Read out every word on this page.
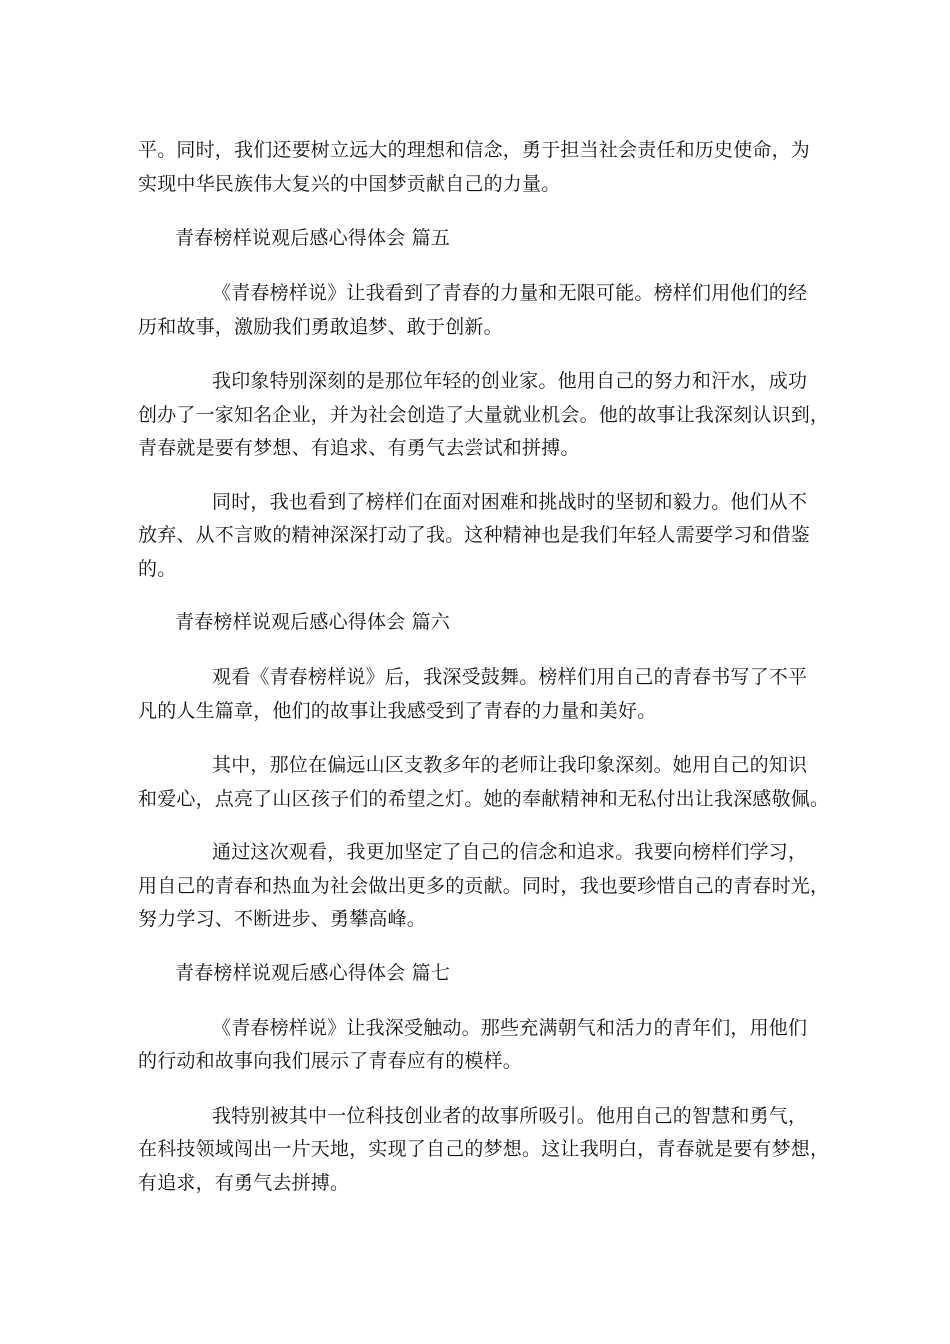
平。同时，我们还要树立远大的理想和信念，勇于担当社会责任和历史使命，为
实现中华民族伟大复兴的中国梦贡献自己的力量。
青春榜样说观后感心得体会 篇五
《青春榜样说》让我看到了青春的力量和无限可能。榜样们用他们的经
历和故事，激励我们勇敢追梦、敢于创新。
我印象特别深刻的是那位年轻的创业家。他用自己的努力和汗水，成功
创办了一家知名企业，并为社会创造了大量就业机会。他的故事让我深刻认识到，
青春就是要有梦想、有追求、有勇气去尝试和拼搏。
同时，我也看到了榜样们在面对困难和挑战时的坚韧和毅力。他们从不
放弃、从不言败的精神深深打动了我。这种精神也是我们年轻人需要学习和借鉴
的。
青春榜样说观后感心得体会 篇六
观看《青春榜样说》后，我深受鼓舞。榜样们用自己的青春书写了不平
凡的人生篇章，他们的故事让我感受到了青春的力量和美好。
其中，那位在偏远山区支教多年的老师让我印象深刻。她用自己的知识
和爱心，点亮了山区孩子们的希望之灯。她的奉献精神和无私付出让我深感敬佩。
通过这次观看，我更加坚定了自己的信念和追求。我要向榜样们学习，
用自己的青春和热血为社会做出更多的贡献。同时，我也要珍惜自己的青春时光，
努力学习、不断进步、勇攀高峰。
青春榜样说观后感心得体会 篇七
《青春榜样说》让我深受触动。那些充满朝气和活力的青年们，用他们
的行动和故事向我们展示了青春应有的模样。
我特别被其中一位科技创业者的故事所吸引。他用自己的智慧和勇气，
在科技领域闯出一片天地，实现了自己的梦想。这让我明白，青春就是要有梦想，
有追求，有勇气去拼搏。
